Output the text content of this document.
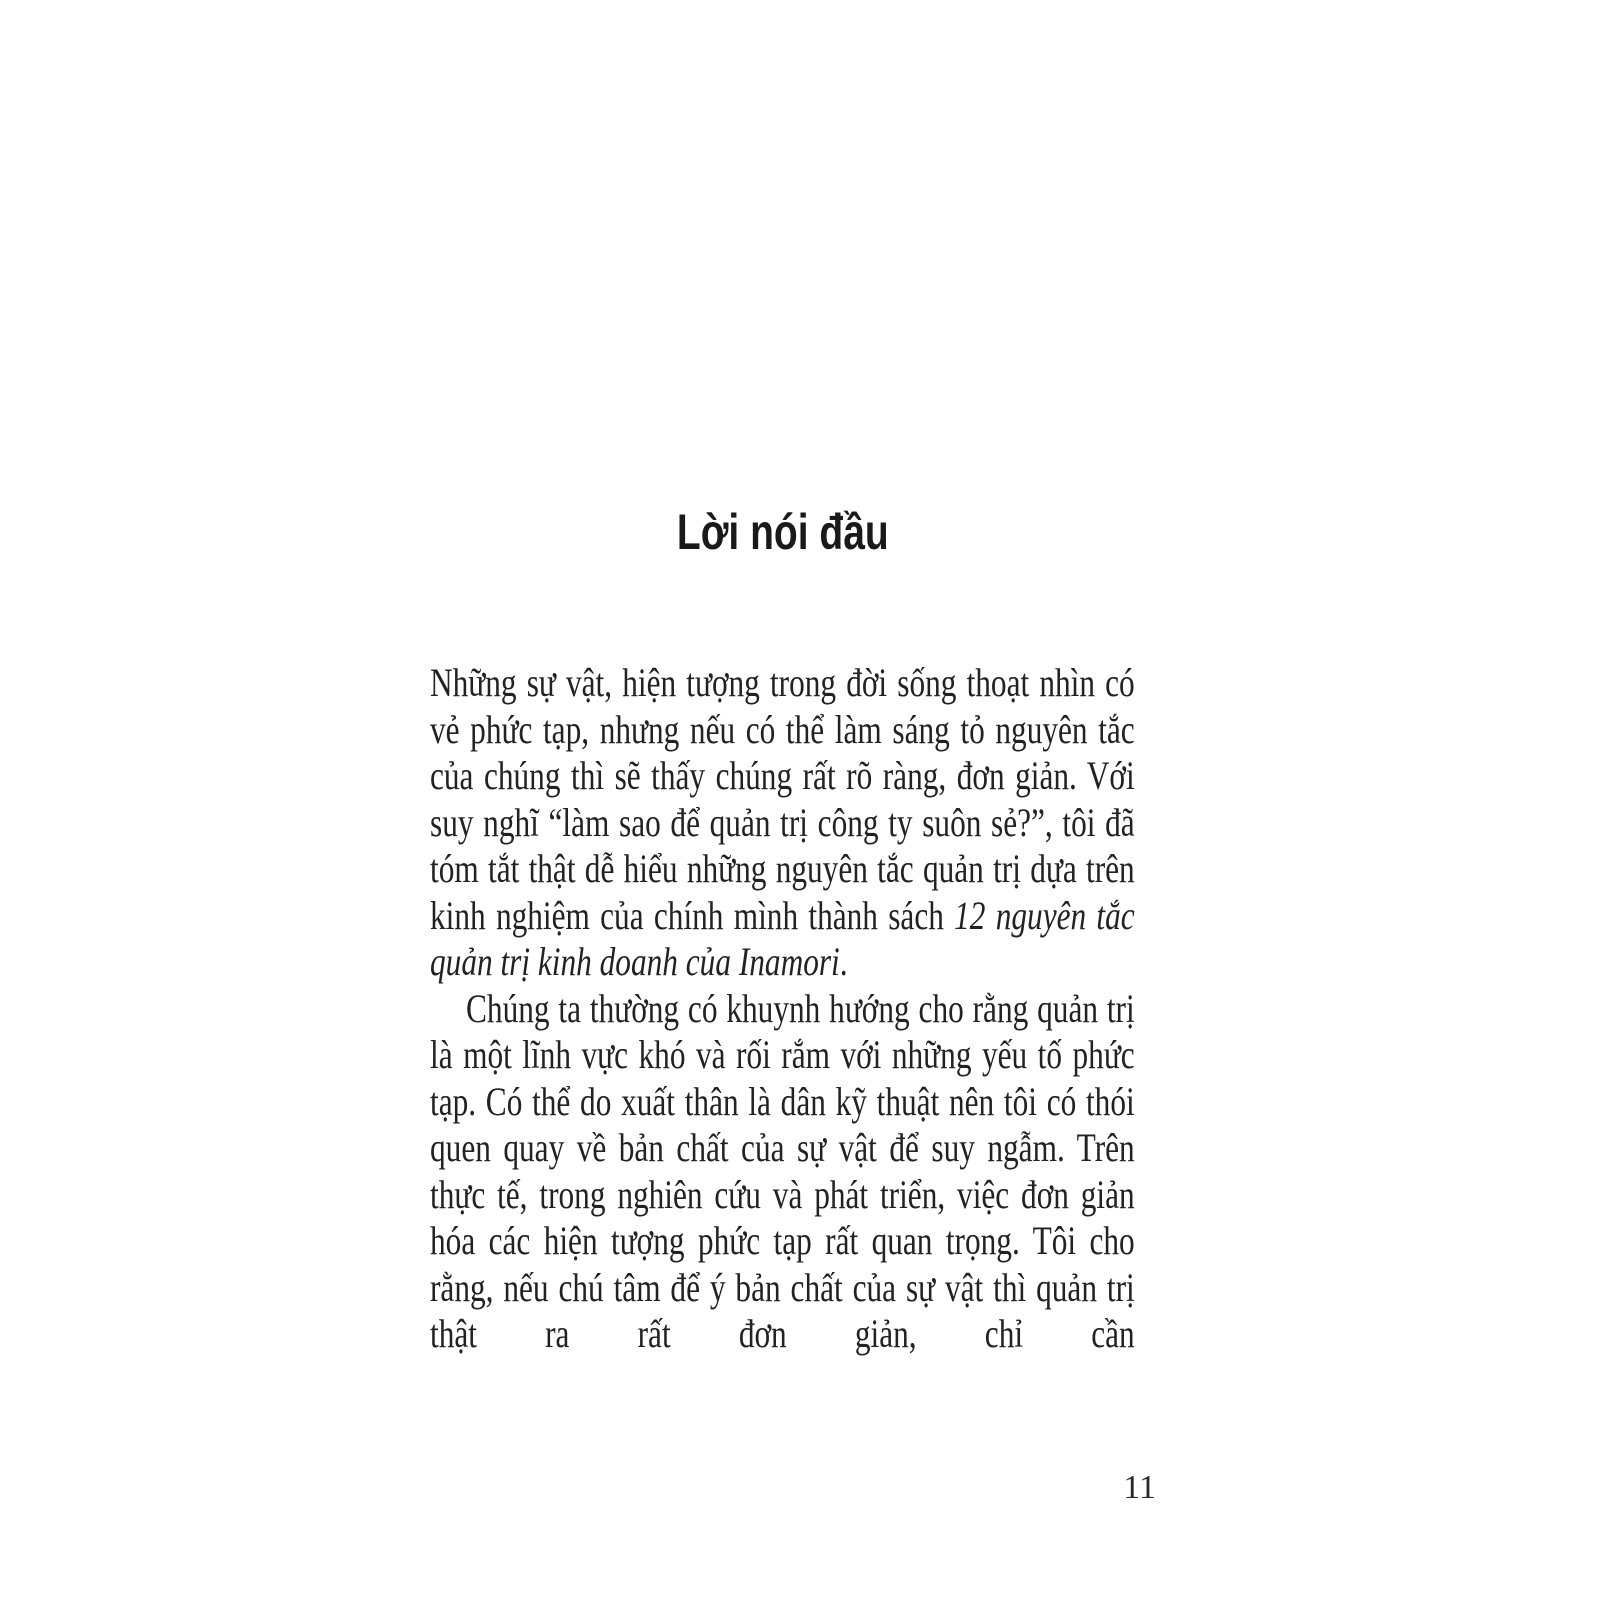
Lời nói đầu

Những sự vật, hiện tượng trong đời sống thoạt nhìn có vẻ phức tạp, nhưng nếu có thể làm sáng tỏ nguyên tắc của chúng thì sẽ thấy chúng rất rõ ràng, đơn giản. Với suy nghĩ “làm sao để quản trị công ty suôn sẻ?”, tôi đã tóm tắt thật dễ hiểu những nguyên tắc quản trị dựa trên kinh nghiệm của chính mình thành sách 12 nguyên tắc quản trị kinh doanh của Inamori.

Chúng ta thường có khuynh hướng cho rằng quản trị là một lĩnh vực khó và rối rắm với những yếu tố phức tạp. Có thể do xuất thân là dân kỹ thuật nên tôi có thói quen quay về bản chất của sự vật để suy ngẫm. Trên thực tế, trong nghiên cứu và phát triển, việc đơn giản hóa các hiện tượng phức tạp rất quan trọng. Tôi cho rằng, nếu chú tâm để ý bản chất của sự vật thì quản trị thật ra rất đơn giản, chỉ cần

11
